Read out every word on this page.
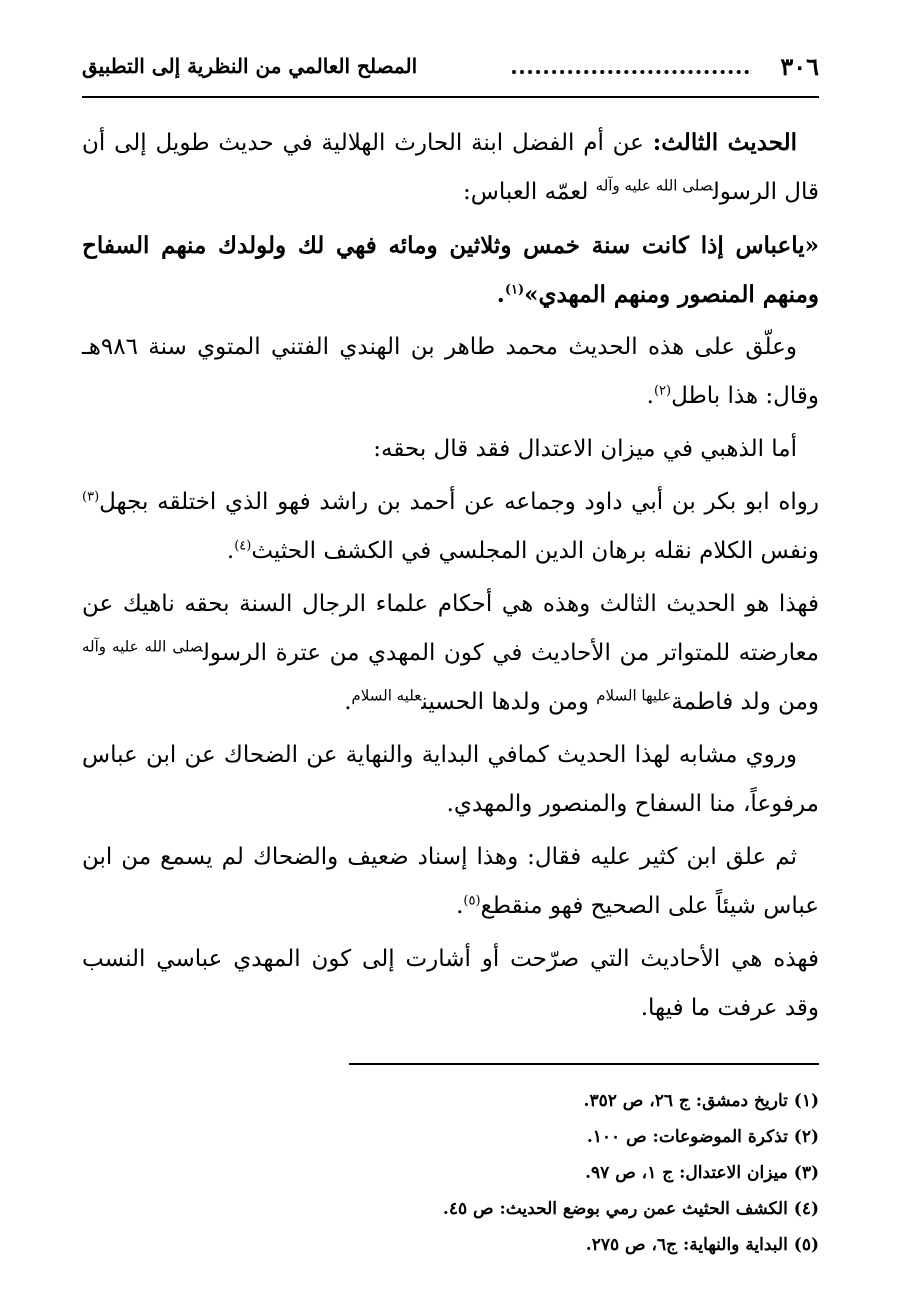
٣٠٦
المصلح العالمي من النظرية إلى التطبيق

الحديث الثالث: عن أم الفضل ابنة الحارث الهلالية في حديث طويل إلى أن قال الرسول$^{صلى الله عليه وآله}$ لعمّه العباس:

«ياعباس إذا كانت سنة خمس وثلاثين ومائه فهي لك ولولدك منهم السفاح ومنهم المنصور ومنهم المهدي»$^{(١)}$.

وعلّق على هذه الحديث محمد طاهر بن الهندي الفتني المتوي سنة ٩٨٦هـ وقال: هذا باطل$^{(٢)}$.

أما الذهبي في ميزان الاعتدال فقد قال بحقه:

رواه ابو بكر بن أبي داود وجماعه عن أحمد بن راشد فهو الذي اختلقه بجهل$^{(٣)}$ ونفس الكلام نقله برهان الدين المجلسي في الكشف الحثيث$^{(٤)}$.

فهذا هو الحديث الثالث وهذه هي أحكام علماء الرجال السنة بحقه ناهيك عن معارضته للمتواتر من الأحاديث في كون المهدي من عترة الرسول$^{صلى الله عليه وآله}$ ومن ولد فاطمة$^{عليها السلام}$ ومن ولدها الحسين$^{عليه السلام}$.

وروي مشابه لهذا الحديث كمافي البداية والنهاية عن الضحاك عن ابن عباس مرفوعاً، منا السفاح والمنصور والمهدي.

ثم علق ابن كثير عليه فقال: وهذا إسناد ضعيف والضحاك لم يسمع من ابن عباس شيئاً على الصحيح فهو منقطع$^{(٥)}$.

فهذه هي الأحاديث التي صرّحت أو أشارت إلى كون المهدي عباسي النسب وقد عرفت ما فيها.

(١) تاريخ دمشق: ج ٢٦، ص ٣٥٢.

(٢) تذكرة الموضوعات: ص ١٠٠.

(٣) ميزان الاعتدال: ج ١، ص ٩٧.

(٤) الكشف الحثيث عمن رمي بوضع الحديث: ص ٤٥.

(٥) البداية والنهاية: ج٦، ص ٢٧٥.
